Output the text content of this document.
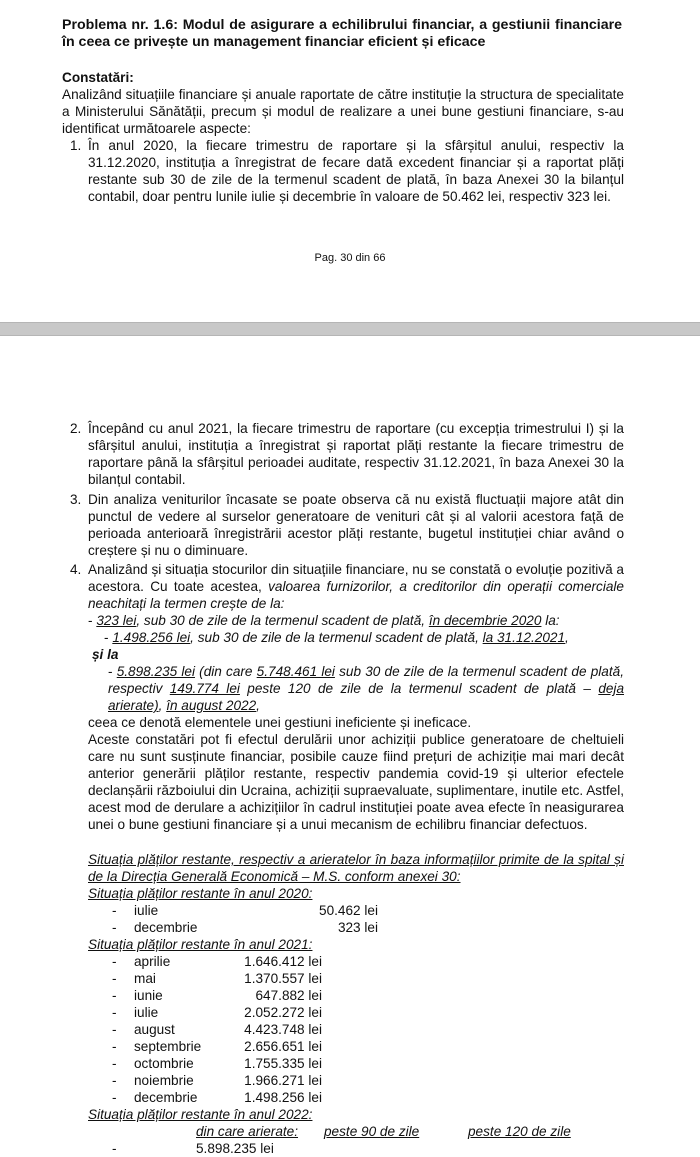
Problema nr. 1.6: Modul de asigurare a echilibrului financiar, a gestiunii financiare în ceea ce privește un management financiar eficient și eficace
Constatări:
Analizând situațiile financiare și anuale raportate de către instituție la structura de specialitate a Ministerului Sănătății, precum și modul de realizare a unei bune gestiuni financiare, s-au identificat următoarele aspecte:
1. În anul 2020, la fiecare trimestru de raportare și la sfârșitul anului, respectiv la 31.12.2020, instituția a înregistrat de fecare dată excedent financiar și a raportat plăți restante sub 30 de zile de la termenul scadent de plată, în baza Anexei 30 la bilanțul contabil, doar pentru lunile iulie și decembrie în valoare de 50.462 lei, respectiv 323 lei.
Pag. 30 din 66
2. Începând cu anul 2021, la fiecare trimestru de raportare (cu excepția trimestrului I) și la sfârșitul anului, instituția a înregistrat și raportat plăți restante la fiecare trimestru de raportare până la sfârșitul perioadei auditate, respectiv 31.12.2021, în baza Anexei 30 la bilanțul contabil.
3. Din analiza veniturilor încasate se poate observa că nu există fluctuații majore atât din punctul de vedere al surselor generatoare de venituri cât și al valorii acestora față de perioada anterioară înregistrării acestor plăți restante, bugetul instituției chiar având o creștere și nu o diminuare.
4. Analizând și situația stocurilor din situațiile financiare, nu se constată o evoluție pozitivă a acestora. Cu toate acestea, valoarea furnizorilor, a creditorilor din operații comerciale neachitați la termen crește de la:
- 323 lei, sub 30 de zile de la termenul scadent de plată, în decembrie 2020 la:
- 1.498.256 lei, sub 30 de zile de la termenul scadent de plată, la 31.12.2021,
și la
- 5.898.235 lei (din care 5.748.461 lei sub 30 de zile de la termenul scadent de plată, respectiv 149.774 lei peste 120 de zile de la termenul scadent de plată – deja arierate), în august 2022,
ceea ce denotă elementele unei gestiuni ineficiente și ineficace.
Aceste constatări pot fi efectul derulării unor achiziții publice generatoare de cheltuieli care nu sunt susținute financiar, posibile cauze fiind prețuri de achiziție mai mari decât anterior generării plăților restante, respectiv pandemia covid-19 și ulterior efectele declanșării războiului din Ucraina, achiziții supraevaluate, suplimentare, inutile etc. Astfel, acest mod de derulare a achizițiilor în cadrul instituției poate avea efecte în neasigurarea unei o bune gestiuni financiare și a unui mecanism de echilibru financiar defectuos.
Situația plăților restante, respectiv a arieratelor în baza informațiilor primite de la spital și de la Direcția Generală Economică – M.S. conform anexei 30:
Situația plăților restante în anul 2020:
-	iulie	50.462 lei
-	decembrie	323 lei
Situația plăților restante în anul 2021:
-	aprilie	1.646.412 lei
-	mai	1.370.557 lei
-	iunie	647.882 lei
-	iulie	2.052.272 lei
-	august	4.423.748 lei
-	septembrie	2.656.651 lei
-	octombrie	1.755.335 lei
-	noiembrie	1.966.271 lei
-	decembrie	1.498.256 lei
Situația plăților restante în anul 2022:
din care arierate: peste 90 de zile	peste 120 de zile
-	5.898.235 lei
